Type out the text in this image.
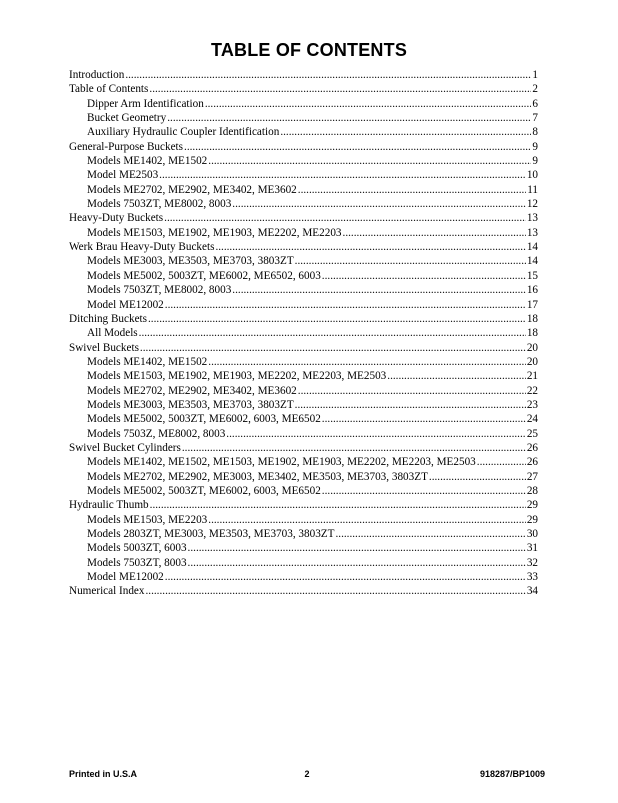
TABLE OF CONTENTS
Introduction .....	1
Table of Contents .....	2
Dipper Arm Identification .....	6
Bucket Geometry .....	7
Auxiliary Hydraulic Coupler Identification .....	8
General-Purpose Buckets .....	9
Models ME1402, ME1502 .....	9
Model ME2503 .....	10
Models ME2702, ME2902, ME3402, ME3602 .....	11
Models 7503ZT, ME8002, 8003 .....	12
Heavy-Duty Buckets .....	13
Models ME1503, ME1902, ME1903, ME2202, ME2203 .....	13
Werk Brau Heavy-Duty Buckets .....	14
Models ME3003, ME3503, ME3703, 3803ZT .....	14
Models ME5002, 5003ZT, ME6002, ME6502, 6003 .....	15
Models 7503ZT, ME8002, 8003 .....	16
Model ME12002 .....	17
Ditching Buckets .....	18
All Models .....	18
Swivel Buckets .....	20
Models ME1402, ME1502 .....	20
Models ME1503, ME1902, ME1903, ME2202, ME2203, ME2503 .....	21
Models ME2702, ME2902, ME3402, ME3602 .....	22
Models ME3003, ME3503, ME3703, 3803ZT .....	23
Models ME5002, 5003ZT, ME6002, 6003, ME6502 .....	24
Models 7503Z, ME8002, 8003 .....	25
Swivel Bucket Cylinders .....	26
Models ME1402, ME1502, ME1503, ME1902, ME1903, ME2202, ME2203, ME2503 .....	26
Models ME2702, ME2902, ME3003, ME3402, ME3503, ME3703, 3803ZT .....	27
Models ME5002, 5003ZT, ME6002, 6003, ME6502 .....	28
Hydraulic Thumb .....	29
Models ME1503, ME2203 .....	29
Models 2803ZT, ME3003, ME3503, ME3703, 3803ZT .....	30
Models 5003ZT, 6003 .....	31
Models 7503ZT, 8003 .....	32
Model ME12002 .....	33
Numerical Index .....	34
Printed in U.S.A	2	918287/BP1009
